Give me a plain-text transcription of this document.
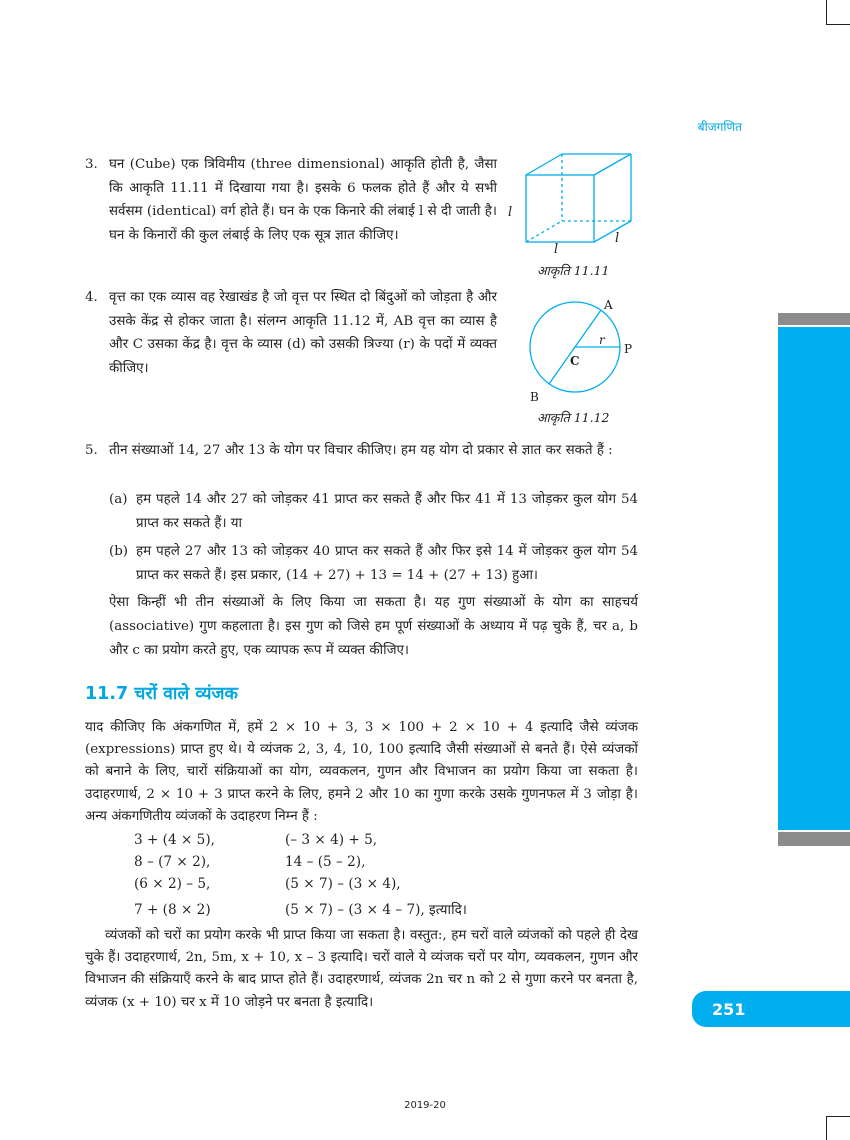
बीजगणित
3. घन (Cube) एक त्रिविमीय (three dimensional) आकृति होती है, जैसा कि आकृति 11.11 में दिखाया गया है। इसके 6 फलक होते हैं और ये सभी सर्वसम (identical) वर्ग होते हैं। घन के एक किनारे की लंबाई l से दी जाती है। घन के किनारों की कुल लंबाई के लिए एक सूत्र ज्ञात कीजिए।
l
l
l
आकृति 11.11
4. वृत्त का एक व्यास वह रेखाखंड है जो वृत्त पर स्थित दो बिंदुओं को जोड़ता है और उसके केंद्र से होकर जाता है। संलग्न आकृति 11.12 में, AB वृत्त का व्यास है और C उसका केंद्र है। वृत्त के व्यास (d) को उसकी त्रिज्या (r) के पदों में व्यक्त कीजिए।
A
B
C
P
r
आकृति 11.12
5. तीन संख्याओं 14, 27 और 13 के योग पर विचार कीजिए। हम यह योग दो प्रकार से ज्ञात कर सकते हैं :
(a) हम पहले 14 और 27 को जोड़कर 41 प्राप्त कर सकते हैं और फिर 41 में 13 जोड़कर कुल योग 54 प्राप्त कर सकते हैं। या
(b) हम पहले 27 और 13 को जोड़कर 40 प्राप्त कर सकते हैं और फिर इसे 14 में जोड़कर कुल योग 54 प्राप्त कर सकते हैं। इस प्रकार, (14 + 27) + 13 = 14 + (27 + 13) हुआ।
ऐसा किन्हीं भी तीन संख्याओं के लिए किया जा सकता है। यह गुण संख्याओं के योग का साहचर्य (associative) गुण कहलाता है। इस गुण को जिसे हम पूर्ण संख्याओं के अध्याय में पढ़ चुके हैं, चर a, b और c का प्रयोग करते हुए, एक व्यापक रूप में व्यक्त कीजिए।
11.7 चरों वाले व्यंजक
याद कीजिए कि अंकगणित में, हमें 2 × 10 + 3, 3 × 100 + 2 × 10 + 4 इत्यादि जैसे व्यंजक (expressions) प्राप्त हुए थे। ये व्यंजक 2, 3, 4, 10, 100 इत्यादि जैसी संख्याओं से बनते हैं। ऐसे व्यंजकों को बनाने के लिए, चारों संक्रियाओं का योग, व्यवकलन, गुणन और विभाजन का प्रयोग किया जा सकता है। उदाहरणार्थ, 2 × 10 + 3 प्राप्त करने के लिए, हमने 2 और 10 का गुणा करके उसके गुणनफल में 3 जोड़ा है। अन्य अंकगणितीय व्यंजकों के उदाहरण निम्न हैं :
3 + (4 × 5),
8 – (7 × 2),
(6 × 2) – 5,
7 + (8 × 2)
(– 3 × 4) + 5,
14 – (5 – 2),
(5 × 7) – (3 × 4),
(5 × 7) – (3 × 4 – 7), इत्यादि।
व्यंजकों को चरों का प्रयोग करके भी प्राप्त किया जा सकता है। वस्तुत:, हम चरों वाले व्यंजकों को पहले ही देख चुके हैं। उदाहरणार्थ, 2n, 5m, x + 10, x – 3 इत्यादि। चरों वाले ये व्यंजक चरों पर योग, व्यवकलन, गुणन और विभाजन की संक्रियाएँ करने के बाद प्राप्त होते हैं। उदाहरणार्थ, व्यंजक 2n चर n को 2 से गुणा करने पर बनता है, व्यंजक (x + 10) चर x में 10 जोड़ने पर बनता है इत्यादि।	251
2019-20
